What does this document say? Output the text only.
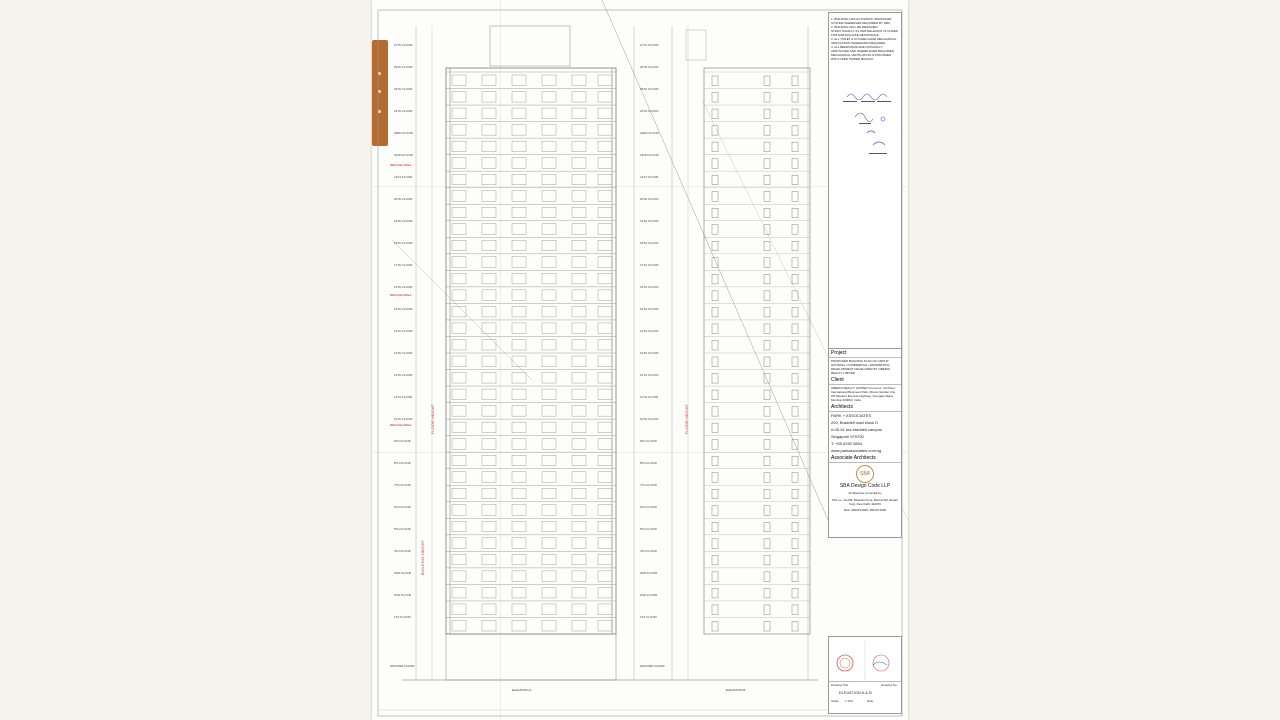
27TH FLOOR	27TH FLOOR
26TH FLOOR	26TH FLOOR
25TH FLOOR	25TH FLOOR
24TH FLOOR	24TH FLOOR
23RD FLOOR	23RD FLOOR
22ND FLOOR	22ND FLOOR
21ST FLOOR	21ST FLOOR
20TH FLOOR	20TH FLOOR
19TH FLOOR	19TH FLOOR
18TH FLOOR	18TH FLOOR
17TH FLOOR	17TH FLOOR
16TH FLOOR	16TH FLOOR
15TH FLOOR	15TH FLOOR
14TH FLOOR	14TH FLOOR
13TH FLOOR	13TH FLOOR
12TH FLOOR	12TH FLOOR
11TH FLOOR	11TH FLOOR
10TH FLOOR	10TH FLOOR
9TH FLOOR	9TH FLOOR
8TH FLOOR	8TH FLOOR
7TH FLOOR	7TH FLOOR
6TH FLOOR	6TH FLOOR
5TH FLOOR	5TH FLOOR
4TH FLOOR	4TH FLOOR
3RD FLOOR	3RD FLOOR
2ND FLOOR	2ND FLOOR
1ST FLOOR	1ST FLOOR
REFUGE AREA
REFUGE AREA
REFUGE AREA	FLOOR HEIGHT	FLOOR HEIGHT
BUILDING HEIGHT
GROUND FLOOR	GROUND FLOOR
ELEVATION-A	ELEVATION-B
1. BUILDING HAS AUTOMATIC SPRINKLER SYSTEM WHEREVER REQUIRED BY NBC
2. BUILDING WILL BE DESIGNED STRUCTURALLY AS PER RELEVANT IS CODES FOR EARTHQUAKE RESISTANCE
3. ALL TOILET & KITCHEN HAVE MECHANICAL VENTILATION WHEREVER REQUIRED
4. ALL BEDROOMS ARE NATURALLY VENTILATED AND WHERE EVER REQUIRED MECHANICAL VENTILATION IS PROVIDED WITH OPEN POWER BACKUP
Project
PROPOSED BUILDING PLAN OF GROUP HOUSING / COMMERCIAL / RESIDENTIAL DEVELOPMENT DEVELOPED BY OBEROI REALTY LIMITED
Client
OBEROI REALTY LIMITED Commerz, 3rd Floor, International Business Park, Oberoi Garden City, Off Western Express Highway, Goregaon East, Mumbai 400063, India
Architects
PARK + ASSOCIATES
200, Braddell road block D
#-05-51 toa braddell campus
Singapore 579700
T: +65 6292 0804
www.parkassociates.com.sg
Associate Architects
SBA
SBA Design Code LLP
Architecture Consultancy
Plot no. 10-A/B, Bhawani Kunj, Behind D2 Vasant Kunj, New Delhi 110070
Mob: 9810161600, 9811071000
Drawing Title
ELEVATION A & B
Scale 1:150	Date
Drawing No.
